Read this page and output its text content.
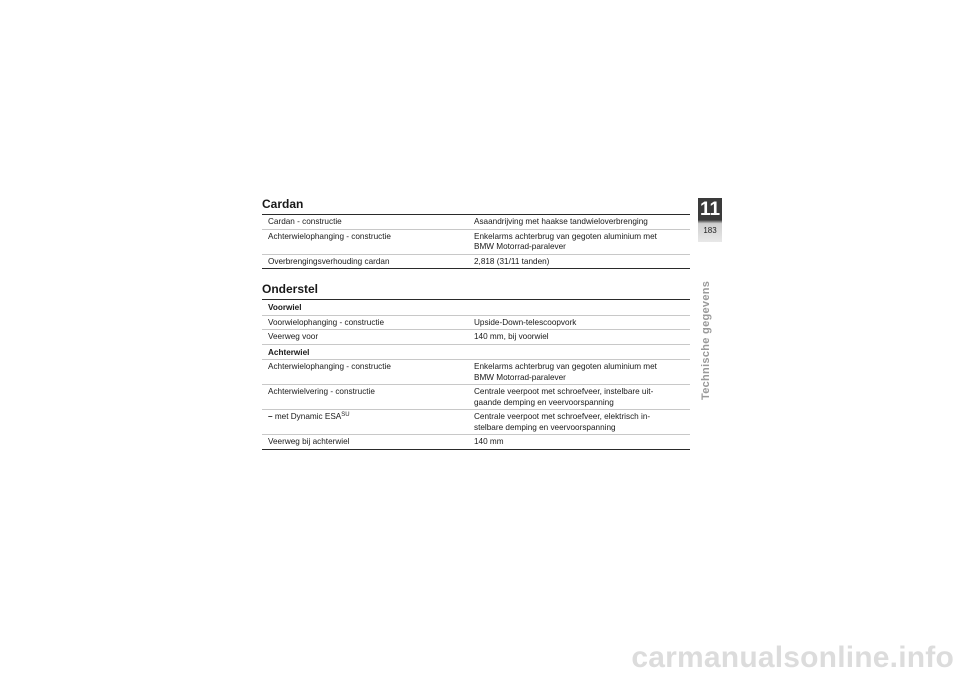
Cardan
Cardan - constructie	Asaandrijving met haakse tandwieloverbrenging
Achterwielophanging - constructie	Enkelarms achterbrug van gegoten aluminium met
BMW Motorrad-paralever
Overbrengingsverhouding cardan	2,818 (31/11 tanden)
Onderstel
Voorwiel
Voorwielophanging - constructie	Upside-Down-telescoopvork
Veerweg voor	140 mm, bij voorwiel
Achterwiel
Achterwielophanging - constructie	Enkelarms achterbrug van gegoten aluminium met
BMW Motorrad-paralever
Achterwielvering - constructie	Centrale veerpoot met schroefveer, instelbare uit-
gaande demping en veervoorspanning
– met Dynamic $ESA^{SU}$	Centrale veerpoot met schroefveer, elektrisch in-
stelbare demping en veervoorspanning
Veerweg bij achterwiel	140 mm
11
183
Technische gegevens
carmanualsonline.info
